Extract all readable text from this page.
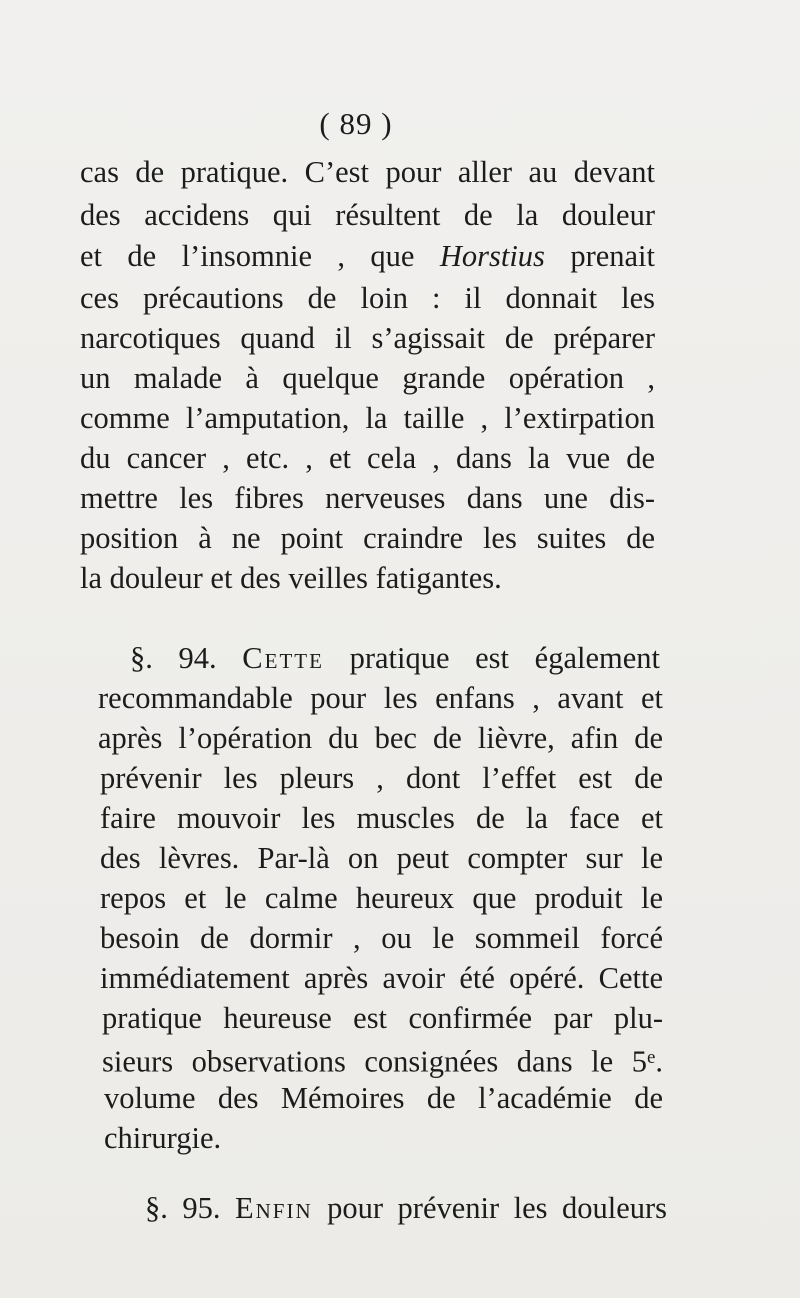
( 89 )
cas de pratique. C’est pour aller au devant
des accidens qui résultent de la douleur
et de l’insomnie , que Horstius prenait
ces précautions de loin : il donnait les
narcotiques quand il s’agissait de préparer
un malade à quelque grande opération ,
comme l’amputation, la taille , l’extirpation
du cancer , etc. , et cela , dans la vue de
mettre les fibres nerveuses dans une dis-
position à ne point craindre les suites de
la douleur et des veilles fatigantes.
§. 94. Cette pratique est également
recommandable pour les enfans , avant et
après l’opération du bec de lièvre, afin de
prévenir les pleurs , dont l’effet est de
faire mouvoir les muscles de la face et
des lèvres. Par-là on peut compter sur le
repos et le calme heureux que produit le
besoin de dormir , ou le sommeil forcé
immédiatement après avoir été opéré. Cette
pratique heureuse est confirmée par plu-
sieurs observations consignées dans le 5e.
volume des Mémoires de l’académie de
chirurgie.
§. 95. Enfin pour prévenir les douleurs
